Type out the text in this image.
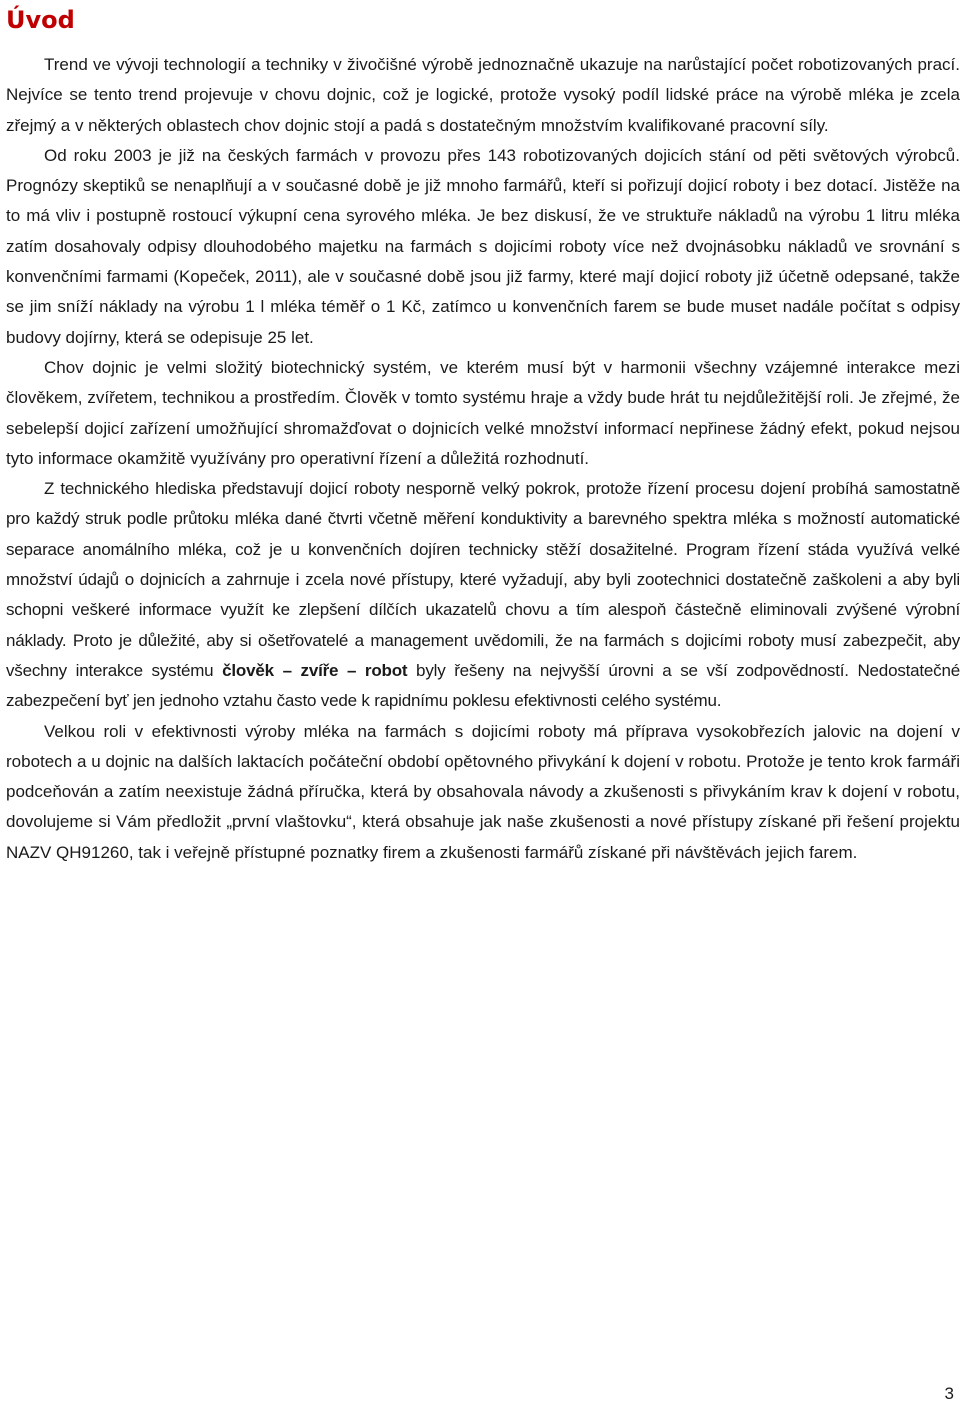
Úvod

Trend ve vývoji technologií a techniky v živočišné výrobě jednoznačně ukazuje na narůstající počet robotizovaných prací. Nejvíce se tento trend projevuje v chovu dojnic, což je logické, protože vysoký podíl lidské práce na výrobě mléka je zcela zřejmý a v některých oblastech chov dojnic stojí a padá s dostatečným množstvím kvalifikované pracovní síly.

Od roku 2003 je již na českých farmách v provozu přes 143 robotizovaných dojicích stání od pěti světových výrobců. Prognózy skeptiků se nenaplňují a v současné době je již mnoho farmářů, kteří si pořizují dojicí roboty i bez dotací. Jistěže na to má vliv i postupně rostoucí výkupní cena syrového mléka. Je bez diskusí, že ve struktuře nákladů na výrobu 1 litru mléka zatím dosahovaly odpisy dlouhodobého majetku na farmách s dojicími roboty více než dvojnásobku nákladů ve srovnání s konvenčními farmami (Kopeček, 2011), ale v současné době jsou již farmy, které mají dojicí roboty již účetně odepsané, takže se jim sníží náklady na výrobu 1 l mléka téměř o 1 Kč, zatímco u konvenčních farem se bude muset nadále počítat s odpisy budovy dojírny, která se odepisuje 25 let.

Chov dojnic je velmi složitý biotechnický systém, ve kterém musí být v harmonii všechny vzájemné interakce mezi člověkem, zvířetem, technikou a prostředím. Člověk v tomto systému hraje a vždy bude hrát tu nejdůležitější roli. Je zřejmé, že sebelepší dojicí zařízení umožňující shromažďovat o dojnicích velké množství informací nepřinese žádný efekt, pokud nejsou tyto informace okamžitě využívány pro operativní řízení a důležitá rozhodnutí.

Z technického hlediska představují dojicí roboty nesporně velký pokrok, protože řízení procesu dojení probíhá samostatně pro každý struk podle průtoku mléka dané čtvrti včetně měření konduktivity a barevného spektra mléka s možností automatické separace anomálního mléka, což je u konvenčních dojíren technicky stěží dosažitelné. Program řízení stáda využívá velké množství údajů o dojnicích a zahrnuje i zcela nové přístupy, které vyžadují, aby byli zootechnici dostatečně zaškoleni a aby byli schopni veškeré informace využít ke zlepšení dílčích ukazatelů chovu a tím alespoň částečně eliminovali zvýšené výrobní náklady. Proto je důležité, aby si ošetřovatelé a management uvědomili, že na farmách s dojicími roboty musí zabezpečit, aby všechny interakce systému člověk – zvíře – robot byly řešeny na nejvyšší úrovni a se vší zodpovědností. Nedostatečné zabezpečení byť jen jednoho vztahu často vede k rapidnímu poklesu efektivnosti celého systému.

Velkou roli v efektivnosti výroby mléka na farmách s dojicími roboty má příprava vysokobřezích jalovic na dojení v robotech a u dojnic na dalších laktacích počáteční období opětovného přivykání k dojení v robotu. Protože je tento krok farmáři podceňován a zatím neexistuje žádná příručka, která by obsahovala návody a zkušenosti s přivykáním krav k dojení v robotu, dovolujeme si Vám předložit „první vlaštovku“, která obsahuje jak naše zkušenosti a nové přístupy získané při řešení projektu NAZV QH91260, tak i veřejně přístupné poznatky firem a zkušenosti farmářů získané při návštěvách jejich farem.

3
